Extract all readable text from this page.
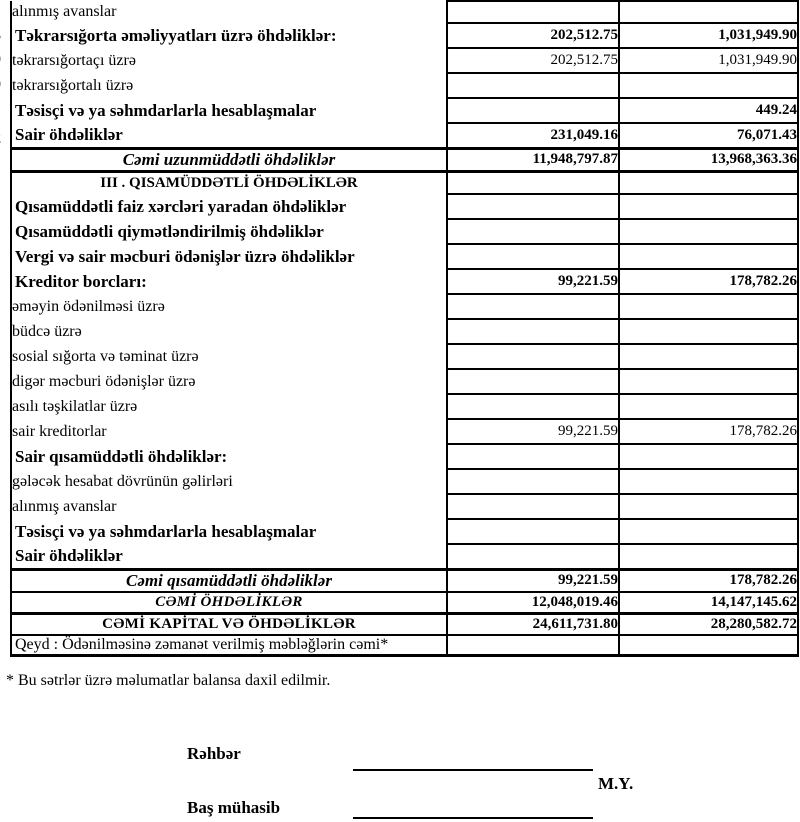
alınmış avanslar		
Təkrarsığorta əməliyyatları üzrə öhdəliklər:	202,512.75	1,031,949.90
təkrarsığortaçı üzrə	202,512.75	1,031,949.90
təkrarsığortalı üzrə		
Təsisçi və ya səhmdarlarla hesablaşmalar		449.24
Sair öhdəliklər	231,049.16	76,071.43
Cəmi uzunmüddətli öhdəliklər	11,948,797.87	13,968,363.36
III . QISAMÜDDƏTLİ ÖHDƏLİKLƏR		
Qısamüddətli faiz xərcləri yaradan öhdəliklər		
Qısamüddətli qiymətləndirilmiş öhdəliklər		
Vergi və sair məcburi ödənişlər üzrə öhdəliklər		
Kreditor borcları:	99,221.59	178,782.26
əməyin ödənilməsi üzrə		
büdcə üzrə		
sosial sığorta və təminat üzrə		
digər məcburi ödənişlər üzrə		
asılı təşkilatlar üzrə		
sair kreditorlar	99,221.59	178,782.26
Sair qısamüddətli öhdəliklər:		
gələcək hesabat dövrünün gəlirləri		
alınmış avanslar		
Təsisçi və ya səhmdarlarla hesablaşmalar		
Sair öhdəliklər		
Cəmi qısamüddətli öhdəliklər	99,221.59	178,782.26
CƏMİ ÖHDƏLİKLƏR	12,048,019.46	14,147,145.62
CƏMİ KAPİTAL VƏ ÖHDƏLİKLƏR	24,611,731.80	28,280,582.72
Qeyd : Ödənilməsinə zəmanət verilmiş məbləğlərin cəmi*		
* Bu sətrlər üzrə məlumatlar balansa daxil edilmir.
Rəhbər
M.Y.
Baş mühasib
